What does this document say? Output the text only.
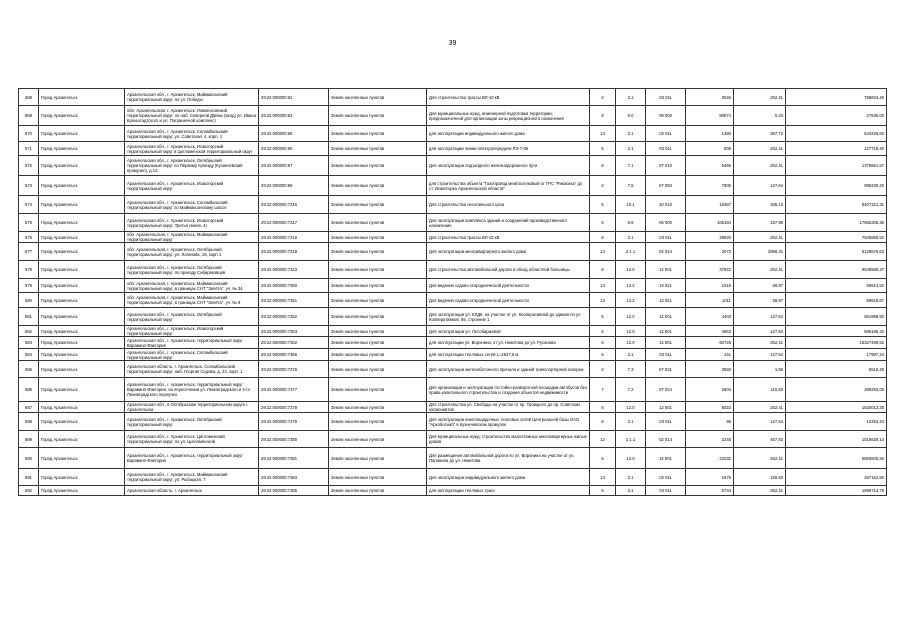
39
668	Город Архангельск	Архангельская обл., г. Архангельск, Маймаксанский территориальный округ, по ул. Победы	29:22:000000:62	Земли населенных пунктов	Для строительства трассы ВЛ-10 кВ	6	3.1	03 011	3046	252,41	768834,46
669	Город Архангельск	обл. Архангельская, г. Архангельск, Ломоносовский территориальный округ, по наб. Северной Двины (вход) ул. Ивана Кронштадтского и ул. Пограничной комплекс)	29:22:000000:63	Земли населенных пунктов	Для муниципальных нужд, инженерной подготовки территории, предназначенной для организации зоны рекреационного назначения	9	9.0	09 000	80874	0,34	27530,00
670	Город Архангельск	Архангельская обл., г. Архангельск, Соломбальский территориальный округ, ул. Советская, 4, корп. 1	29:22:000000:65	Земли населенных пунктов	для эксплуатации индивидуального жилого дома	13	2.1	02 011	1480	367,72	544226,60
671	Город Архангельск	Архангельская обл., г. Архангельск, Исакогорский территориальный округ в Цигломенской территориальный округ	29:22:000000:66	Земли населенных пунктов	для эксплуатации линии электропередачи ЛЭ-7-06	6	3.1	03 011	506	252,41	127719,40
672	Город Архангельск	Архангельская обл., г. Архангельск, Октябрьский территориальный округ по Первому проезду (Кузнечевский промузел), д.13	29:22:000000:67	Земли населенных пунктов	Для эксплуатации подъездного железнодорожного пути	6	7.1	07 010	5466	252,41	1379661,57
673	Город Архангельск	Архангельская обл., г. Архангельск, Исакогорский территориальный округ	29:22:000000:68	Земли населенных пунктов	для строительства объекта "Газопровод межпоселковый от ГРС "Рикасиха" до ст. Исакогорка Архангельской области"	6	7.5	07 050	7805	127,64	996230,20
674	Город Архангельск	Архангельская обл., г. Архангельск, Соломбальский территориальный округ по Маймаксанскому шоссе	29:22:000000:7316	Земли населенных пунктов	Для строительства лесопильного цеха	6	10.1	10 010	16387	336,13	5407321,31
675	Город Архангельск	Архангельская обл., г. Архангельск, Исакогорский территориальный округ, Третья линия, 4)	29:22:000000:7317	Земли населенных пунктов	Для эксплуатации комплекса зданий и сооружений производственного назначения	6	6.9	06 000	105184	167,96	17666305,36
676	Город Архангельск	обл. Архангельская, г. Архангельск, Маймаксанский территориальный округ	29:22:000000:7318	Земли населенных пунктов	Для строительства трассы ВЛ-10 кВ	6	3.1	03 011	29820	252,41	7526866,52
677	Город Архангельск	обл. Архангельская, г. Архангельск, Октябрьский территориальный округ, ул. Логинова, 19, корп 1	29:22:000000:7319	Земли населенных пунктов	Для эксплуатации многоквартирного жилого дома	13	2.1.1	02 014	2073	2956,31	6128576,63
678	Город Архангельск	Архангельская обл., г. Архангельск, Октябрьский территориальный округ, по проезду Сибиряковцев	29:22:000000:7323	Земли населенных пунктов	Для строительства автомобильной дороги в обход областной больницы	6	12.0	12 001	37842	252,41	9548589,37
679	Город Архангельск	обл. Архангельская, г. Архангельск, Маймаксанский территориальный округ, в границах СНТ "Зелёта", уч. № 34	29:22:000000:7350	Земли населенных пунктов	Для ведения садово-огороднической деятельности	13	13.2	13 021	1016	58,97	59913,52
680	Город Архангельск	обл. Архангельская, г. Архангельск, Маймаксанский территориальный округ, в границах СНТ "Зелёта", уч. № 9	29:22:000000:7351	Земли населенных пунктов	Для ведения садово-огороднической деятельности	13	13.2	13 021	1011	58,97	59618,67
681	Город Архангельск	Архангельская обл., г. Архангельск, Октябрьский территориальный округ	29:22:000000:7352	Земли населенных пунктов	Для эксплуатации ул. КЛДК, на участке от ул. Кооперативной до здания по ул. Кооперативной, 55, строение 1	6	12.0	12 001	4403	127,64	561998,92
682	Город Архангельск	Архангельская обл., г. Архангельск, Исакогорский территориальный округ	29:22:000000:7353	Земли населенных пунктов	Для эксплуатации ул. Лесобиржевой	6	12.0	12 001	4663	127,64	595185,32
683	Город Архангельск	Архангельская обл., г. Архангельск, территориальный округ Варавино-Фактория	29:22:000000:7362	Земли населенных пунктов	для эксплуатации ул. Воронина, от ул. Никитова до ул. Русанова	6	12.0	12 001	60725	252,41	15327499,52
684	Город Архангельск	Архангельская обл., г. Архангельск, Соломбальский территориальный округ	29:22:000000:7366	Земли населенных пунктов	для эксплуатации тепловых сетей L=2647,5 м	6	3.1	03 011	141	127,64	17997,24
685	Город Архангельск	Архангельская область, г. Архангельск, Соломбальский территориальный округ, наб. Георгия Седова, д. 23, корп. 1	29:22:000000:7376	Земли населенных пунктов	Для эксплуатации железобетонного причала и зданий транспортерной галереи	6	7.3	07 031	3550	1,55	5516,45
686	Город Архангельск	Архангельская обл., г. Архангельск, территориальный округ Варавино-Фактория, на пересечении ул. Ленинградского и 2-го Ленинградского переулка	29:22:000000:7377	Земли населенных пунктов	Для организации и эксплуатации отстойно-разворотной площадки автобусов без права капитального строительства и создания объектов недвижимости	7	7.2	07 024	2604	110,83	289250,05
687	Город Архангельск	Архангельская обл., в Октябрьском территориальном округе г. Архангельска	29:22:000000:7378	Земли населенных пунктов	Для строительства ул. Свободы на участке от пр. Троицкого до пр. Советских космонавтов	6	12.0	12 001	6022	252,41	1520013,35
688	Город Архангельск	Архангельская обл., г. Архангельск, Октябрьский территориальный округ	29:22:000000:7379	Земли населенных пунктов	Для эксплуатации внеплощадочных тепловых сетей Центральной базы ОАО "Архоблснаб" в Кузнечевском промузле	6	3.1	03 011	96	127,64	12253,44
689	Город Архангельск	Архангельская обл., г. Архангельск, Цигломенский территориальный округ, по ул. Цигломенской	29:22:000000:7380	Земли населенных пунктов	Для муниципальных нужд: строительство малоэтажных многоквартирных жилых домов	12	2.1.1	02 014	2245	467,83	1016629,14
690	Город Архангельск	Архангельская обл., г. Архангельск, территориальный округ Варавино-Фактория	29:22:000000:7381	Земли населенных пунктов	Для размещения автомобильной дороги по ул. Воронина на участке от ул. Папанина до ул. Никитова	6	12.0	12 001	23232	252,41	5863940,26
691	Город Архангельск	Архангельская обл., г. Архангельск, Маймаксанский территориальный округ, ул. Рыбацкая, 7	29:22:000000:7383	Земли населенных пунктов	Для эксплуатации индивидуального жилого дома	13	2.1	02 011	1675	159,50	267162,50
692	Город Архангельск	Архангельская область, г. Архангельск	29:22:000000:7385	Земли населенных пунктов	для эксплуатации тепловых трасс	6	3.1	03 011	6734	252,41	1699714,79
